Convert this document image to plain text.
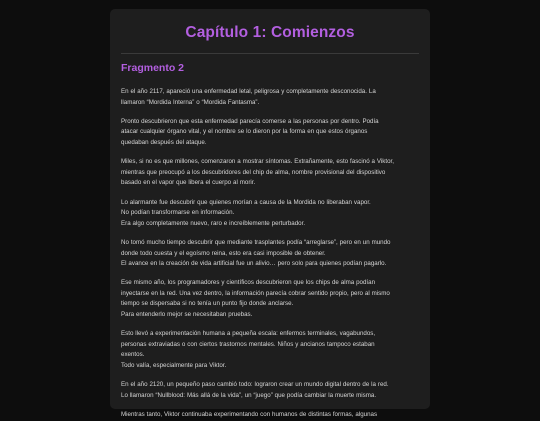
Capítulo 1: Comienzos
Fragmento 2
En el año 2117, apareció una enfermedad letal, peligrosa y completamente desconocida. La
llamaron “Mordida Interna” o “Mordida Fantasma”.
Pronto descubrieron que esta enfermedad parecía comerse a las personas por dentro. Podía
atacar cualquier órgano vital, y el nombre se lo dieron por la forma en que estos órganos
quedaban después del ataque.
Miles, si no es que millones, comenzaron a mostrar síntomas. Extrañamente, esto fascinó a Viktor,
mientras que preocupó a los descubridores del chip de alma, nombre provisional del dispositivo
basado en el vapor que libera el cuerpo al morir.
Lo alarmante fue descubrir que quienes morían a causa de la Mordida no liberaban vapor.
No podían transformarse en información.
Era algo completamente nuevo, raro e increíblemente perturbador.
No tomó mucho tiempo descubrir que mediante trasplantes podía “arreglarse”, pero en un mundo
donde todo cuesta y el egoísmo reina, esto era casi imposible de obtener.
El avance en la creación de vida artificial fue un alivio… pero solo para quienes podían pagarlo.
Ese mismo año, los programadores y científicos descubrieron que los chips de alma podían
inyectarse en la red. Una vez dentro, la información parecía cobrar sentido propio, pero al mismo
tiempo se dispersaba si no tenía un punto fijo donde anclarse.
Para entenderlo mejor se necesitaban pruebas.
Esto llevó a experimentación humana a pequeña escala: enfermos terminales, vagabundos,
personas extraviadas o con ciertos trastornos mentales. Niños y ancianos tampoco estaban
exentos.
Todo valía, especialmente para Viktor.
En el año 2120, un pequeño paso cambió todo: lograron crear un mundo digital dentro de la red.
Lo llamaron “Nullblood: Más allá de la vida”, un “juego” que podía cambiar la muerte misma.
Mientras tanto, Viktor continuaba experimentando con humanos de distintas formas, algunas
